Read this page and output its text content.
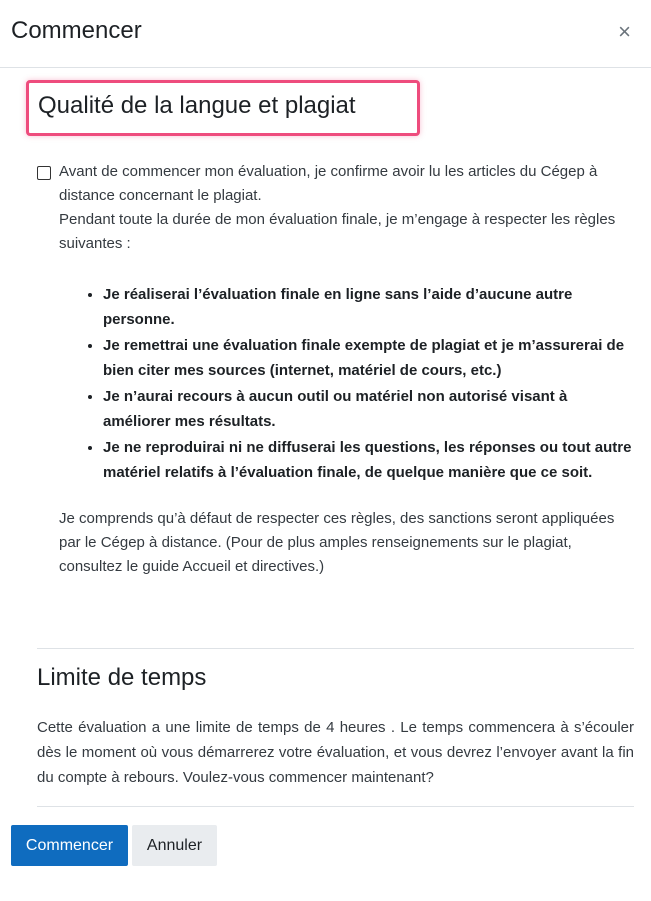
Commencer	×
Qualité de la langue et plagiat

Avant de commencer mon évaluation, je confirme avoir lu les articles du Cégep à distance concernant le plagiat.

Pendant toute la durée de mon évaluation finale, je m’engage à respecter les règles suivantes :

• Je réaliserai l’évaluation finale en ligne sans l’aide d’aucune autre personne.
• Je remettrai une évaluation finale exempte de plagiat et je m’assurerai de bien citer mes sources (internet, matériel de cours, etc.)
• Je n’aurai recours à aucun outil ou matériel non autorisé visant à améliorer mes résultats.
• Je ne reproduirai ni ne diffuserai les questions, les réponses ou tout autre matériel relatifs à l’évaluation finale, de quelque manière que ce soit.

Je comprends qu’à défaut de respecter ces règles, des sanctions seront appliquées par le Cégep à distance. (Pour de plus amples renseignements sur le plagiat, consultez le guide Accueil et directives.)

Limite de temps
Cette évaluation a une limite de temps de 4 heures . Le temps commencera à s’écouler dès le moment où vous démarrerez votre évaluation, et vous devrez l’envoyer avant la fin du compte à rebours. Voulez-vous commencer maintenant?
Commencer	Annuler
